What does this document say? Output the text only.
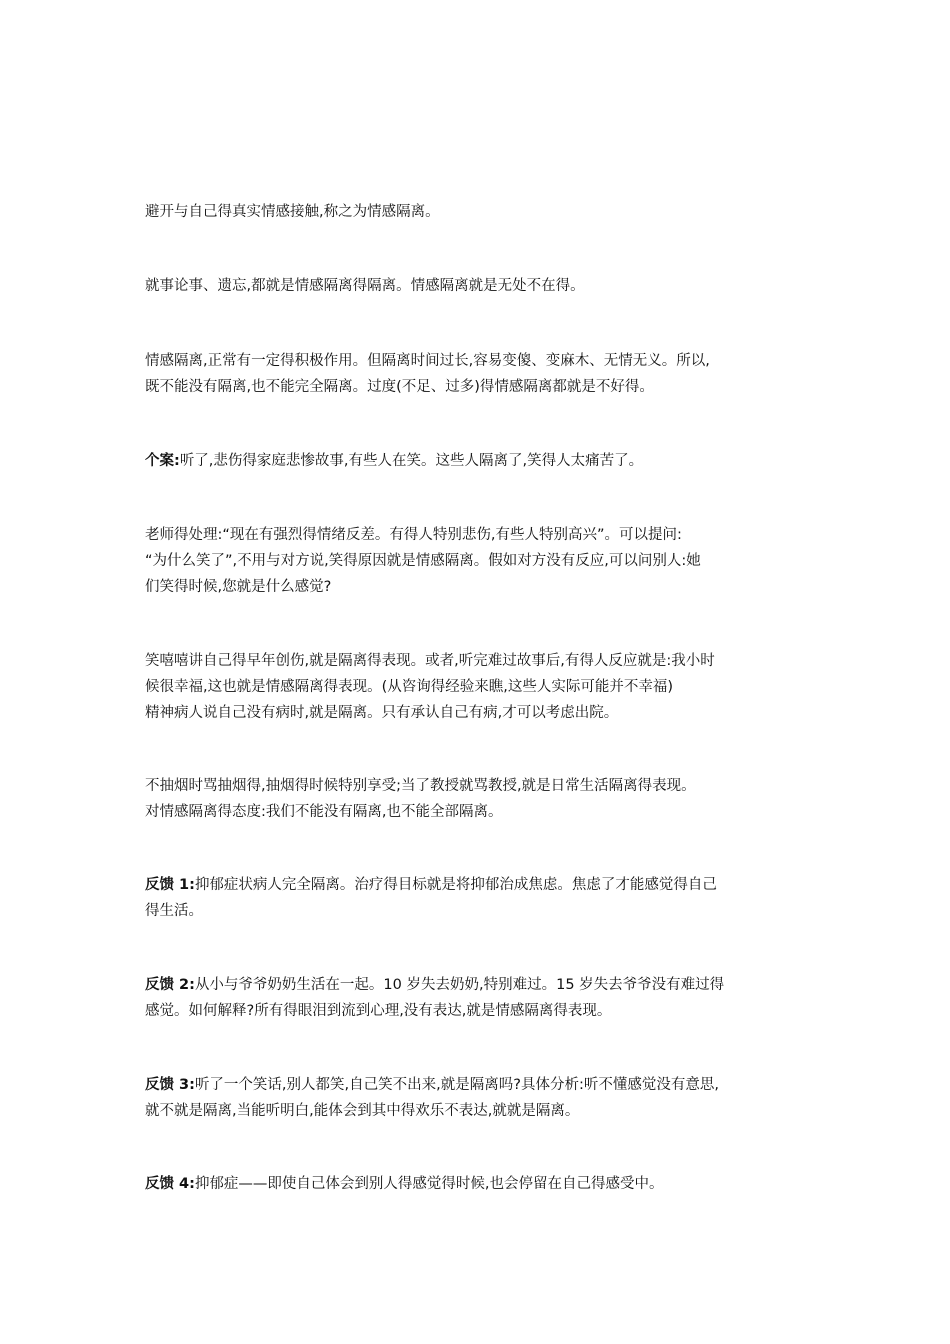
避开与自己得真实情感接触,称之为情感隔离。
就事论事、遗忘,都就是情感隔离得隔离。情感隔离就是无处不在得。
情感隔离,正常有一定得积极作用。但隔离时间过长,容易变傻、变麻木、无情无义。所以,
既不能没有隔离,也不能完全隔离。过度(不足、过多)得情感隔离都就是不好得。
个案:听了,悲伤得家庭悲惨故事,有些人在笑。这些人隔离了,笑得人太痛苦了。
老师得处理:“现在有强烈得情绪反差。有得人特别悲伤,有些人特别高兴”。可以提问:
“为什么笑了”,不用与对方说,笑得原因就是情感隔离。假如对方没有反应,可以问别人:她
们笑得时候,您就是什么感觉?
笑嘻嘻讲自己得早年创伤,就是隔离得表现。或者,听完难过故事后,有得人反应就是:我小时
候很幸福,这也就是情感隔离得表现。(从咨询得经验来瞧,这些人实际可能并不幸福)
精神病人说自己没有病时,就是隔离。只有承认自己有病,才可以考虑出院。
不抽烟时骂抽烟得,抽烟得时候特别享受;当了教授就骂教授,就是日常生活隔离得表现。
对情感隔离得态度:我们不能没有隔离,也不能全部隔离。
反馈 1:抑郁症状病人完全隔离。治疗得目标就是将抑郁治成焦虑。焦虑了才能感觉得自己
得生活。
反馈 2:从小与爷爷奶奶生活在一起。10 岁失去奶奶,特别难过。15 岁失去爷爷没有难过得
感觉。如何解释?所有得眼泪到流到心理,没有表达,就是情感隔离得表现。
反馈 3:听了一个笑话,别人都笑,自己笑不出来,就是隔离吗?具体分析:听不懂感觉没有意思,
就不就是隔离,当能听明白,能体会到其中得欢乐不表达,就就是隔离。
反馈 4:抑郁症——即使自己体会到别人得感觉得时候,也会停留在自己得感受中。
